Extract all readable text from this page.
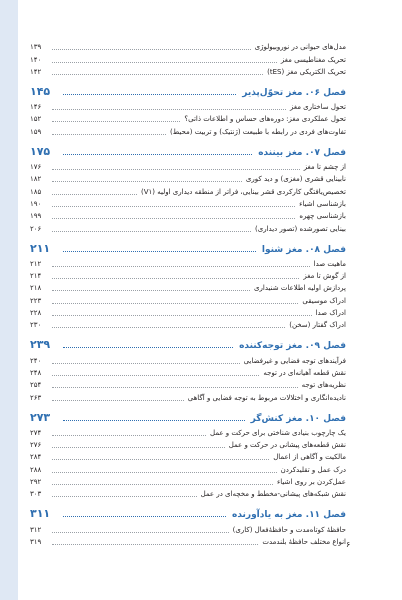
مدل‌های حیوانی در نوروبیولوژی
۱۳۹
تحریک مغناطیسی مغز
۱۴۰
تحریک الکتریکی مغز (tES)
۱۴۲
فصل ۰۶. مغز تحوّل‌پذیر
۱۴۵
تحول ساختاری مغز
۱۴۶
تحول عملکردی مغز: دوره‌های حساس و اطلاعات ذاتی؟
۱۵۲
تفاوت‌های فردی در رابطه با طبیعت (ژنتیک) و تربیت (محیط)
۱۵۹
فصل ۰۷. مغز بیننده
۱۷۵
از چشم تا مغز
۱۷۶
نابینایی قشری (مغزی) و دید کوری
۱۸۲
تخصیص‌یافتگی کارکردی قشر بینایی، فراتر از منطقه دیداری اولیه (V۱)
۱۸۵
بازشناسی اشیاء
۱۹۰
بازشناسی چهره
۱۹۹
بینایی تصورشده (تصور دیداری)
۲۰۶
فصل ۰۸. مغز شنوا
۲۱۱
ماهیت صدا
۲۱۲
از گوش تا مغز
۲۱۴
پردازش اولیه اطلاعات شنیداری
۲۱۸
ادراک موسیقی
۲۲۳
ادراک صدا
۲۲۸
ادراک گفتار (سخن)
۲۳۰
فصل ۰۹. مغز توجه‌کننده
۲۳۹
فرآیندهای توجه فضایی و غیرفضایی
۲۴۰
نقش قطعه آهیانه‌ای در توجه
۲۴۸
نظریه‌های توجه
۲۵۴
نادیده‌انگاری و اختلالات مربوط به توجه فضایی و آگاهی
۲۶۳
فصل ۱۰. مغز کنش‌گر
۲۷۳
یک چارچوب بنیادی شناختی برای حرکت و عمل
۲۷۴
نقش قطعه‌های پیشانی در حرکت و عمل
۲۷۶
مالکیت و آگاهی از اعمال
۲۸۴
درک عمل و تقلیدکردن
۲۸۸
عمل‌کردن بر روی اشیاء
۲۹۲
نقش شبکه‌های پیشانی-مخطط و مخچه‌ای در عمل
۳۰۳
فصل ۱۱. مغز به یادآورنده
۳۱۱
حافظهٔ کوتاه‌مدت و حافظهٔ‌فعال (کاری)
۳۱۲
انواع مختلف حافظهٔ بلندمدت
۳۱۹	۶
